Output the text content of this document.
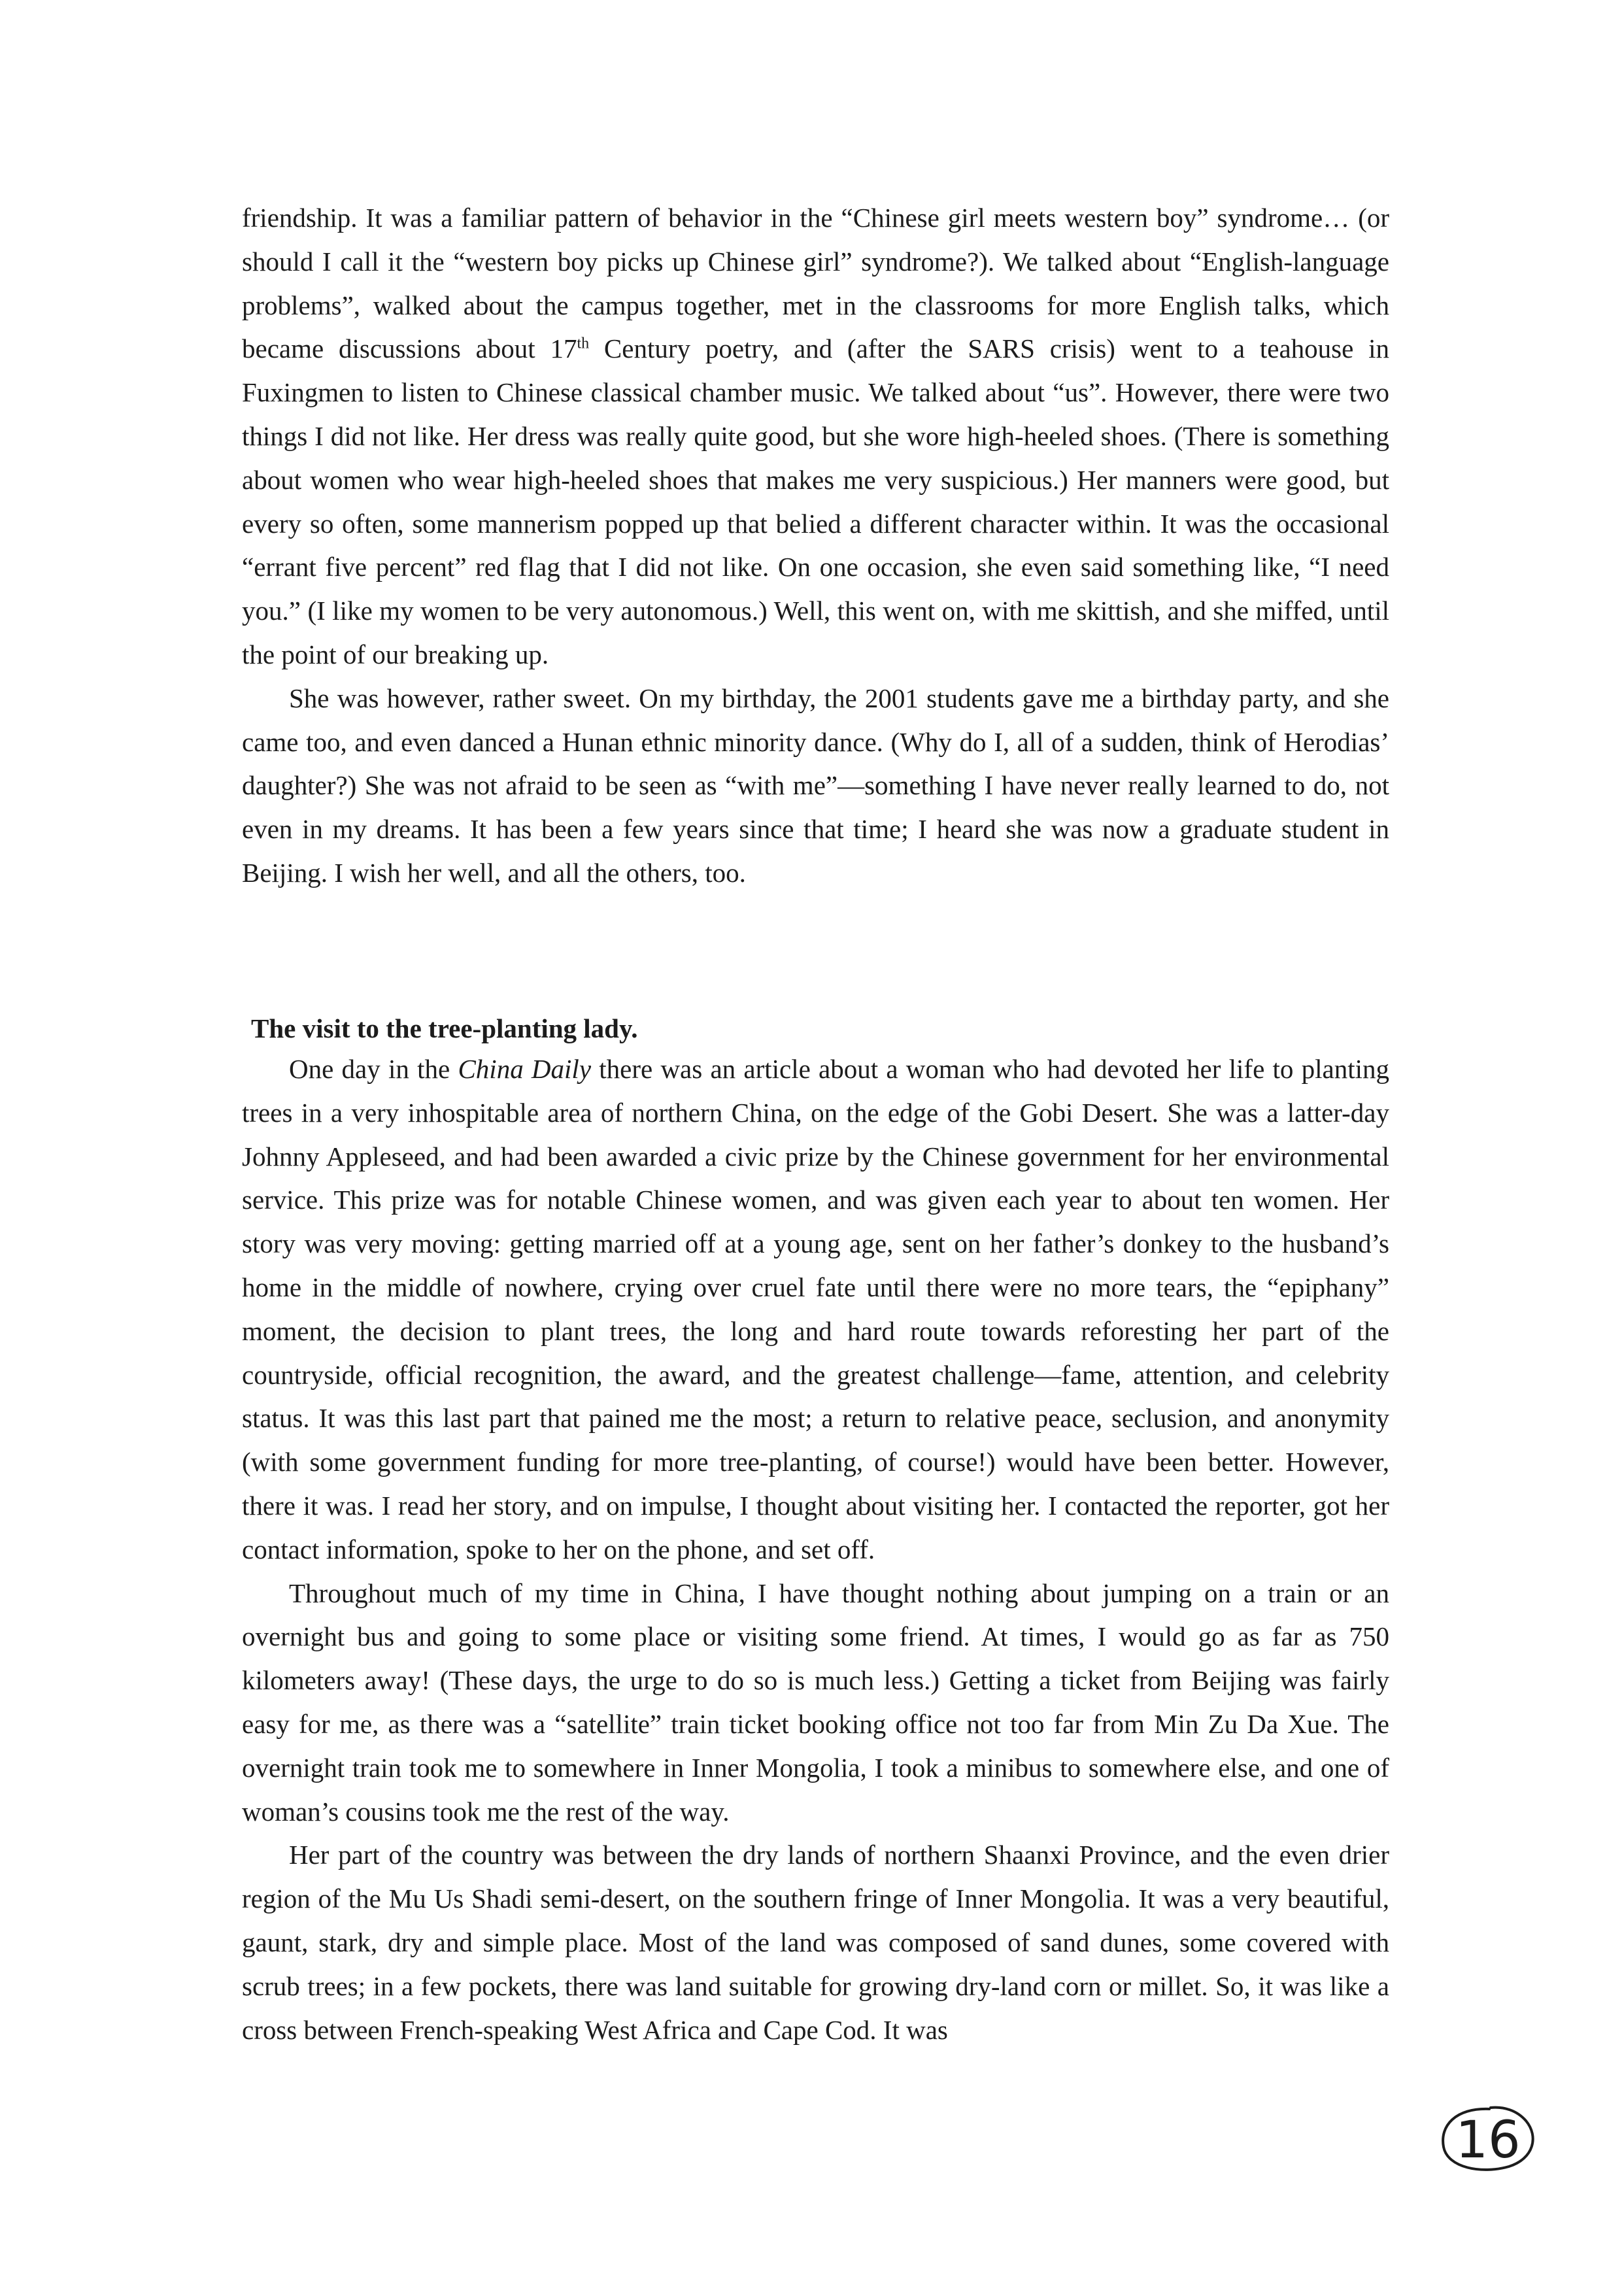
friendship. It was a familiar pattern of behavior in the “Chinese girl meets western boy” syndrome… (or should I call it the “western boy picks up Chinese girl” syndrome?). We talked about “English-language problems”, walked about the campus together, met in the classrooms for more English talks, which became discussions about 17th Century poetry, and (after the SARS crisis) went to a teahouse in Fuxingmen to listen to Chinese classical chamber music. We talked about “us”. However, there were two things I did not like. Her dress was really quite good, but she wore high-heeled shoes. (There is something about women who wear high-heeled shoes that makes me very suspicious.) Her manners were good, but every so often, some mannerism popped up that belied a different character within. It was the occasional “errant five percent” red flag that I did not like. On one occasion, she even said something like, “I need you.” (I like my women to be very autonomous.) Well, this went on, with me skittish, and she miffed, until the point of our breaking up.

She was however, rather sweet. On my birthday, the 2001 students gave me a birthday party, and she came too, and even danced a Hunan ethnic minority dance. (Why do I, all of a sudden, think of Herodias’ daughter?) She was not afraid to be seen as “with me”—something I have never really learned to do, not even in my dreams. It has been a few years since that time; I heard she was now a graduate student in Beijing. I wish her well, and all the others, too.

The visit to the tree-planting lady.

One day in the China Daily there was an article about a woman who had devoted her life to planting trees in a very inhospitable area of northern China, on the edge of the Gobi Desert. She was a latter-day Johnny Appleseed, and had been awarded a civic prize by the Chinese government for her environmental service. This prize was for notable Chinese women, and was given each year to about ten women. Her story was very moving: getting married off at a young age, sent on her father’s donkey to the husband’s home in the middle of nowhere, crying over cruel fate until there were no more tears, the “epiphany” moment, the decision to plant trees, the long and hard route towards reforesting her part of the countryside, official recognition, the award, and the greatest challenge—fame, attention, and celebrity status. It was this last part that pained me the most; a return to relative peace, seclusion, and anonymity (with some government funding for more tree-planting, of course!) would have been better. However, there it was. I read her story, and on impulse, I thought about visiting her. I contacted the reporter, got her contact information, spoke to her on the phone, and set off.

Throughout much of my time in China, I have thought nothing about jumping on a train or an overnight bus and going to some place or visiting some friend. At times, I would go as far as 750 kilometers away! (These days, the urge to do so is much less.) Getting a ticket from Beijing was fairly easy for me, as there was a “satellite” train ticket booking office not too far from Min Zu Da Xue. The overnight train took me to somewhere in Inner Mongolia, I took a minibus to somewhere else, and one of woman’s cousins took me the rest of the way.

Her part of the country was between the dry lands of northern Shaanxi Province, and the even drier region of the Mu Us Shadi semi-desert, on the southern fringe of Inner Mongolia. It was a very beautiful, gaunt, stark, dry and simple place. Most of the land was composed of sand dunes, some covered with scrub trees; in a few pockets, there was land suitable for growing dry-land corn or millet. So, it was like a cross between French-speaking West Africa and Cape Cod. It was

16
